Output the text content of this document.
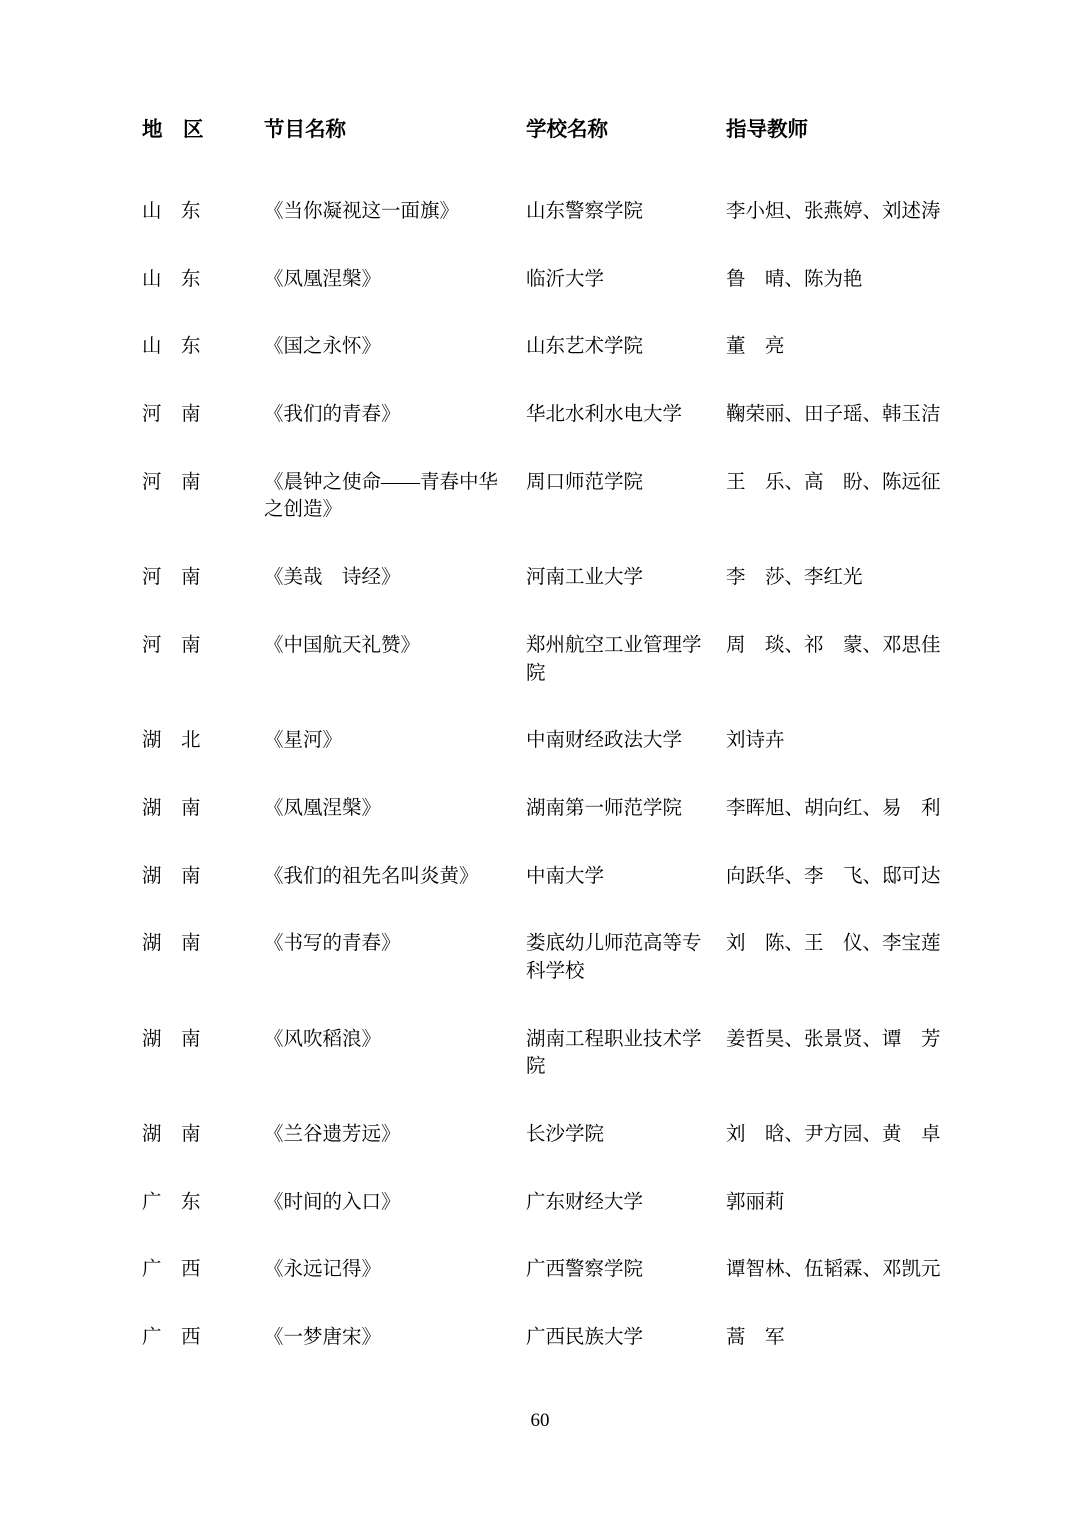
地　区	节目名称	学校名称	指导教师
山　东	《当你凝视这一面旗》	山东警察学院	李小炟、张燕婷、刘述涛
山　东	《凤凰涅槃》	临沂大学	鲁　晴、陈为艳
山　东	《国之永怀》	山东艺术学院	董　亮
河　南	《我们的青春》	华北水利水电大学	鞠荣丽、田子瑶、韩玉洁
河　南	《晨钟之使命——青春中华之创造》	周口师范学院	王　乐、高　盼、陈远征
河　南	《美哉　诗经》	河南工业大学	李　莎、李红光
河　南	《中国航天礼赞》	郑州航空工业管理学院	周　琰、祁　蒙、邓思佳
湖　北	《星河》	中南财经政法大学	刘诗卉
湖　南	《凤凰涅槃》	湖南第一师范学院	李晖旭、胡向红、易　利
湖　南	《我们的祖先名叫炎黄》	中南大学	向跃华、李　飞、邸可达
湖　南	《书写的青春》	娄底幼儿师范高等专科学校	刘　陈、王　仪、李宝莲
湖　南	《风吹稻浪》	湖南工程职业技术学院	姜哲昊、张景贤、谭　芳
湖　南	《兰谷遗芳远》	长沙学院	刘　晗、尹方园、黄　卓
广　东	《时间的入口》	广东财经大学	郭丽莉
广　西	《永远记得》	广西警察学院	谭智林、伍韬霖、邓凯元
广　西	《一梦唐宋》	广西民族大学	蒿　军
60
